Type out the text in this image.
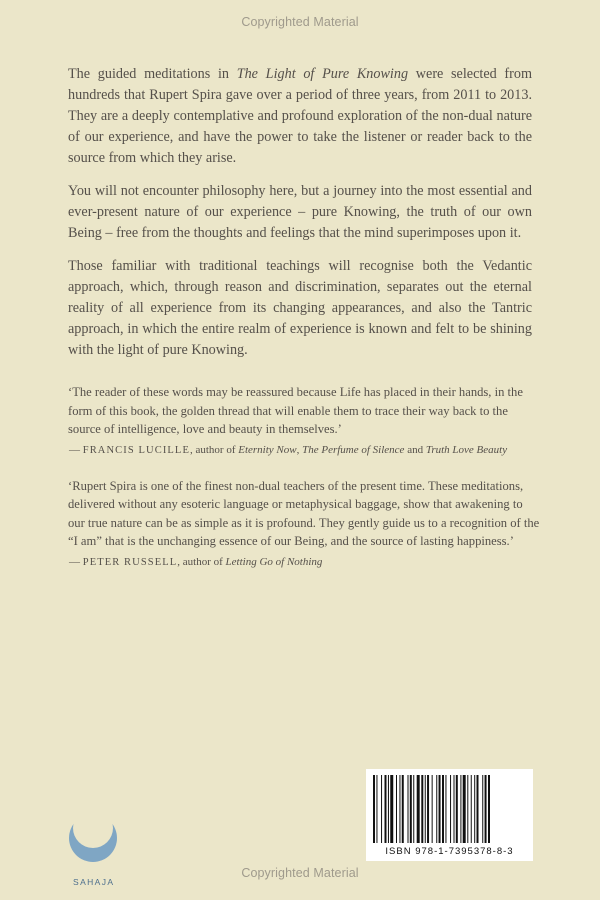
Copyrighted Material

The guided meditations in The Light of Pure Knowing were selected from hundreds that Rupert Spira gave over a period of three years, from 2011 to 2013. They are a deeply contemplative and profound exploration of the non-dual nature of our experience, and have the power to take the listener or reader back to the source from which they arise.

You will not encounter philosophy here, but a journey into the most essential and ever-present nature of our experience – pure Knowing, the truth of our own Being – free from the thoughts and feelings that the mind superimposes upon it.

Those familiar with traditional teachings will recognise both the Vedantic approach, which, through reason and discrimination, separates out the eternal reality of all experience from its changing appearances, and also the Tantric approach, in which the entire realm of experience is known and felt to be shining with the light of pure Knowing.

‘The reader of these words may be reassured because Life has placed in their hands, in the form of this book, the golden thread that will enable them to trace their way back to the source of intelligence, love and beauty in themselves.’

— FRANCIS LUCILLE, author of Eternity Now, The Perfume of Silence and Truth Love Beauty

‘Rupert Spira is one of the finest non-dual teachers of the present time. These meditations, delivered without any esoteric language or metaphysical baggage, show that awakening to our true nature can be as simple as it is profound. They gently guide us to a recognition of the “I am” that is the unchanging essence of our Being, and the source of lasting happiness.’

— PETER RUSSELL, author of Letting Go of Nothing
SAHAJA
ISBN 978-1-7395378-8-3
Copyrighted Material
